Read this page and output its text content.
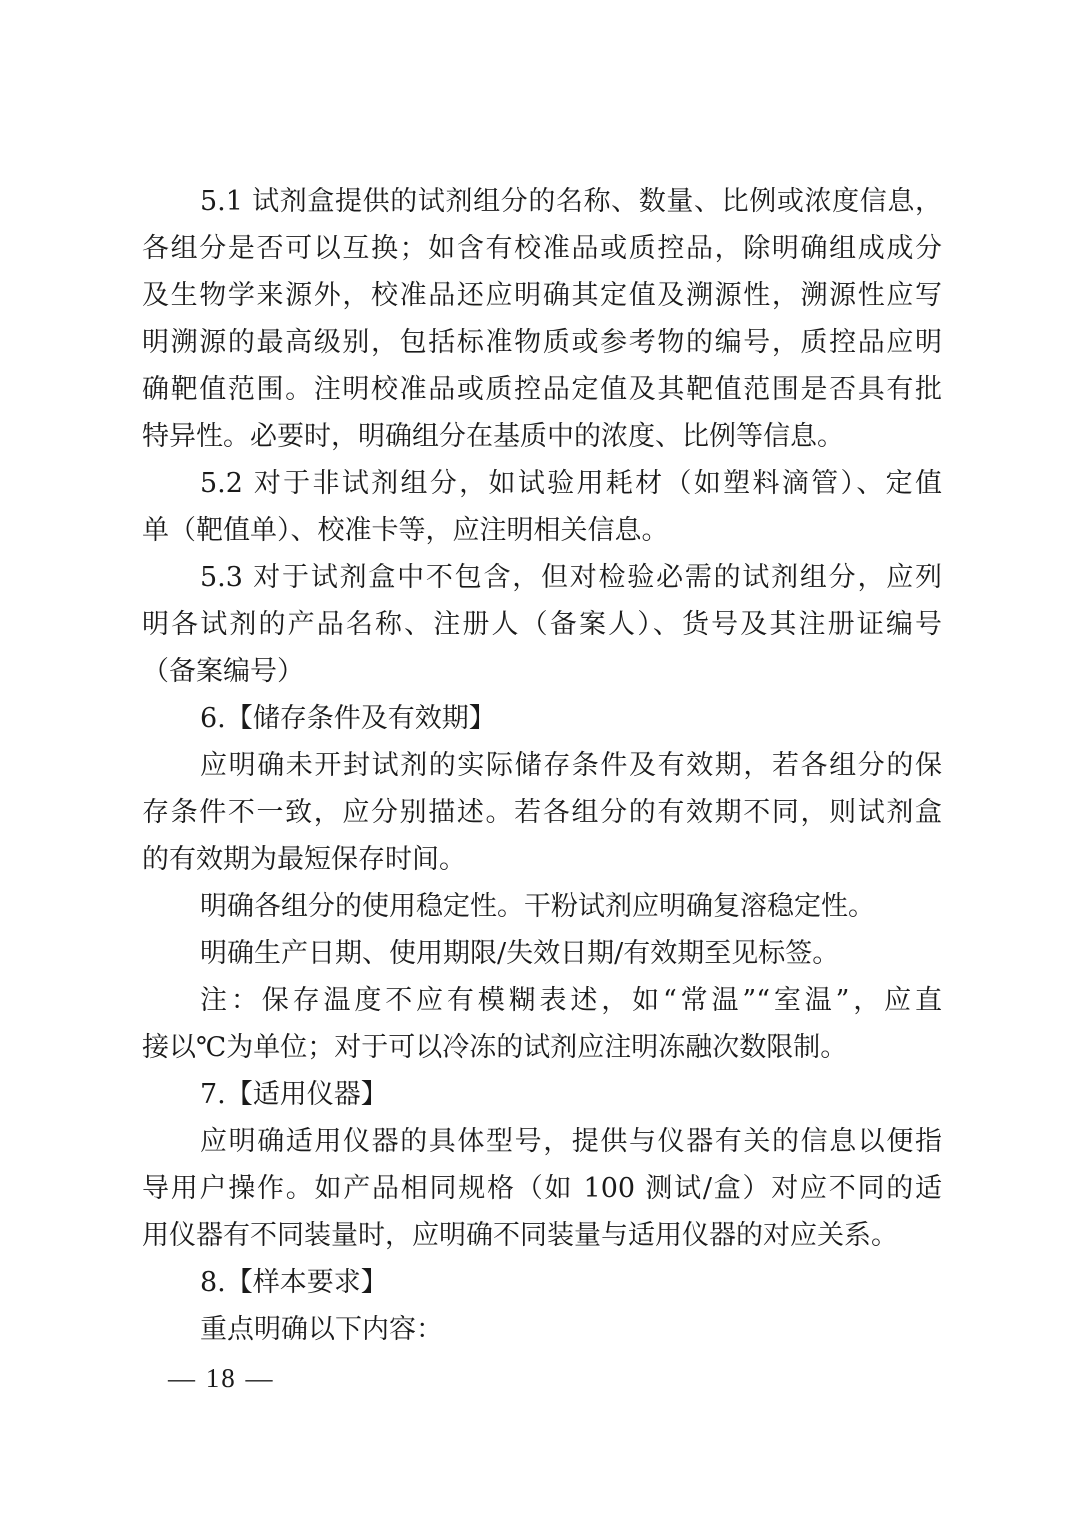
5.1 试剂盒提供的试剂组分的名称、数量、比例或浓度信息，
各组分是否可以互换；如含有校准品或质控品，除明确组成成分
及生物学来源外，校准品还应明确其定值及溯源性，溯源性应写
明溯源的最高级别，包括标准物质或参考物的编号，质控品应明
确靶值范围。注明校准品或质控品定值及其靶值范围是否具有批
特异性。必要时，明确组分在基质中的浓度、比例等信息。
5.2 对于非试剂组分，如试验用耗材（如塑料滴管）、定值
单（靶值单）、校准卡等，应注明相关信息。
5.3 对于试剂盒中不包含，但对检验必需的试剂组分，应列
明各试剂的产品名称、注册人（备案人）、货号及其注册证编号
（备案编号）
6.【储存条件及有效期】
应明确未开封试剂的实际储存条件及有效期，若各组分的保
存条件不一致，应分别描述。若各组分的有效期不同，则试剂盒
的有效期为最短保存时间。
明确各组分的使用稳定性。干粉试剂应明确复溶稳定性。
明确生产日期、使用期限/失效日期/有效期至见标签。
注：保存温度不应有模糊表述，如“常温”“室温”，应直
接以℃为单位；对于可以冷冻的试剂应注明冻融次数限制。
7.【适用仪器】
应明确适用仪器的具体型号，提供与仪器有关的信息以便指
导用户操作。如产品相同规格（如 100 测试/盒）对应不同的适
用仪器有不同装量时，应明确不同装量与适用仪器的对应关系。
8.【样本要求】
重点明确以下内容：
— 18 —
